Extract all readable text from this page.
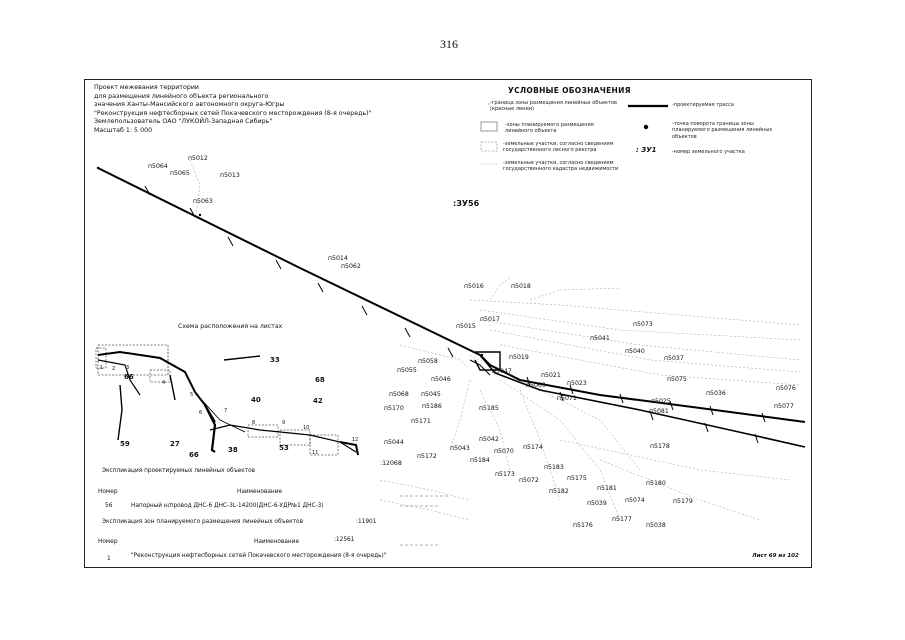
316
Проект межевания территории
для размещения линейного объекта регионального
значения Ханты-Мансийского автономного округа-Югры
"Реконструкция нефтесборных сетей Покачевского месторождения (8-я очередь)"
Землепользователь ОАО "ЛУКОЙЛ-Западная Сибирь"
Масштаб 1: 5 000
УСЛОВНЫЕ ОБОЗНАЧЕНИЯ
-граница зоны размещения линейных объектов (красные линии)
-проектируемая трасса
-зоны планируемого размещения линейного объекта
-точка поворота границы зоны планируемого размещения линейных объектов
-земельные участки, согласно сведениям государственного лесного реестра	-номер земельного участка
-земельные участки, согласно сведениям государственного кадастра недвижимости
: ЗУ1
:ЗУ56
п5012
п5064
п5065	п5013
п5063
п5014
п5062
п5016	п5018
п5015
п5017
п5073
п5041
п5040
п5037
п5058
п5019
п5047
п5055
п5021
п5075
п5046
п5069	п5023
п5068 п5045
п5071	п5025
п5036
п5076
п5170	п5186	п5185	п5081
п5077
п5171
п5044
п5043
п5042
п5178
п5172
п5070
п5174
п5184
п5173
п5183
п5072	п5175
п5180
п5182	п5181
п5039	п5074	п5179
п5177
п5176	п5038
:12068
Схема расположения на листах
66
33
68
40	42
59	27
66
38	53
1 2 3
4
5
6	7
8	9
10
11
12
Экспликация проектируемых линейных объектов
Номер	Наименование
56	Напорный н/провод ДНС-6 ДНС-3L-14200(ДНС-6-УДР№1 ДНС-3)
Экспликация зон планируемого размещения линейных объектов	:11901
Номер	Наименование	:12561
1	"Реконструкция нефтесборных сетей Покачевского месторождения (8-я очередь)"	Лист 69 из 102
